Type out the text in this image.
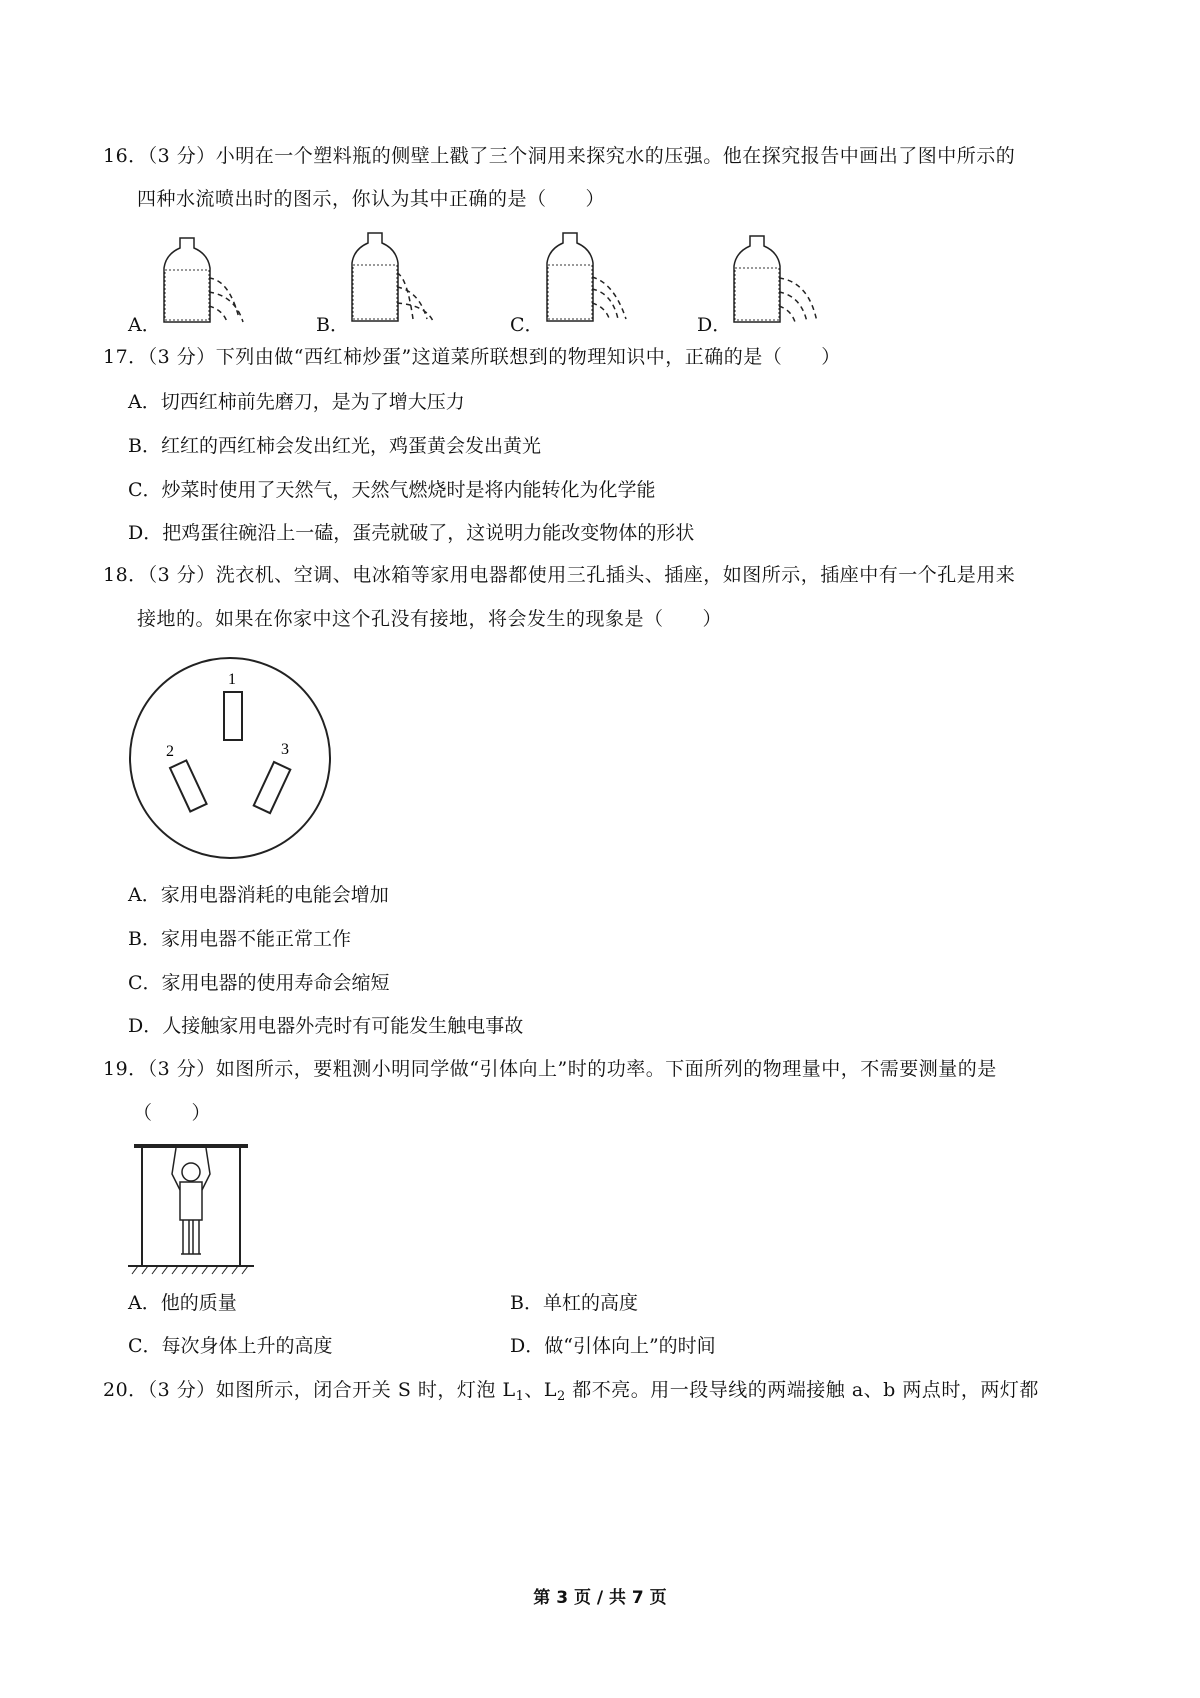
16．（3 分）小明在一个塑料瓶的侧壁上戳了三个洞用来探究水的压强。他在探究报告中画出了图中所示的
四种水流喷出时的图示，你认为其中正确的是（　　）
A．	B．	C．	D．
17．（3 分）下列由做“西红柿炒蛋”这道菜所联想到的物理知识中，正确的是（　　）
A．切西红柿前先磨刀，是为了增大压力
B．红红的西红柿会发出红光，鸡蛋黄会发出黄光
C．炒菜时使用了天然气，天然气燃烧时是将内能转化为化学能
D．把鸡蛋往碗沿上一磕，蛋壳就破了，这说明力能改变物体的形状
18．（3 分）洗衣机、空调、电冰箱等家用电器都使用三孔插头、插座，如图所示，插座中有一个孔是用来
接地的。如果在你家中这个孔没有接地，将会发生的现象是（　　）
1
2	3
A．家用电器消耗的电能会增加
B．家用电器不能正常工作
C．家用电器的使用寿命会缩短
D．人接触家用电器外壳时有可能发生触电事故
19．（3 分）如图所示，要粗测小明同学做“引体向上”时的功率。下面所列的物理量中，不需要测量的是
（　　）
A．他的质量	B．单杠的高度
C．每次身体上升的高度	D．做“引体向上”的时间
20．（3 分）如图所示，闭合开关 S 时，灯泡 $L_1$、$L_2$ 都不亮。用一段导线的两端接触 a、b 两点时，两灯都
第 3 页 / 共 7 页
